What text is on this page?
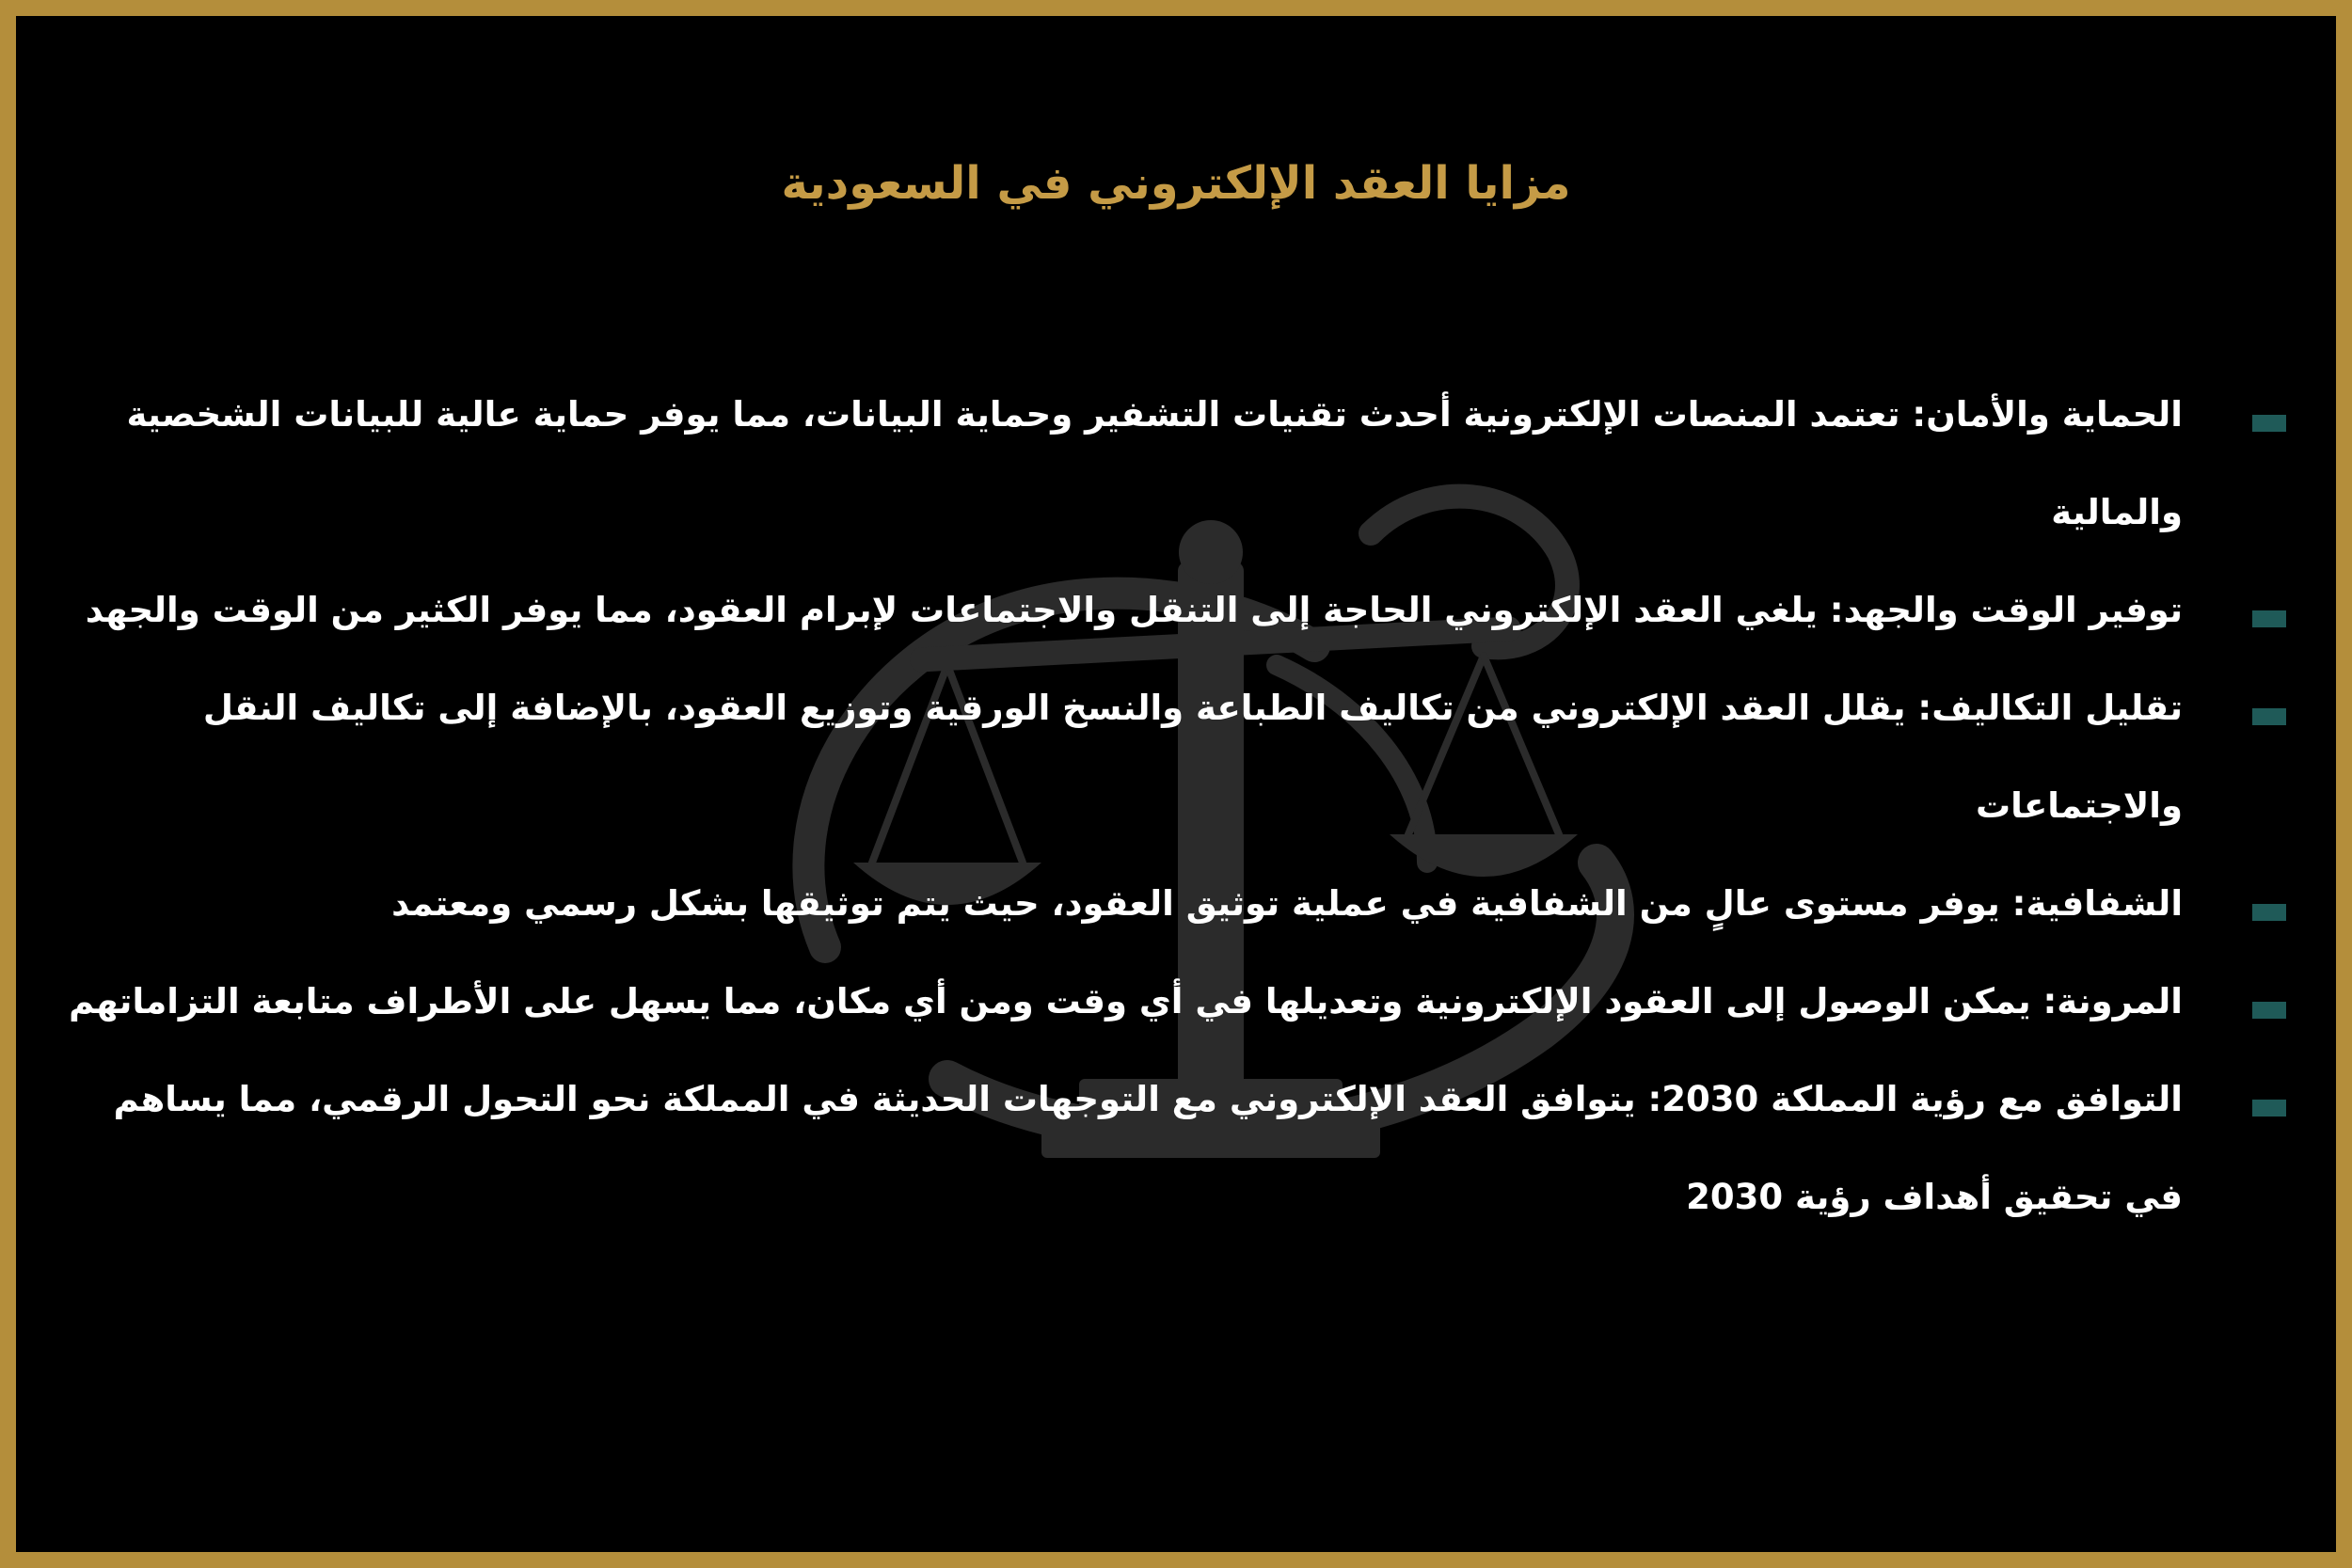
مزايا العقد الإلكتروني في السعودية
الحماية والأمان: تعتمد المنصات الإلكترونية أحدث تقنيات التشفير وحماية البيانات، مما يوفر حماية عالية للبيانات الشخصية والمالية
توفير الوقت والجهد: يلغي العقد الإلكتروني الحاجة إلى التنقل والاجتماعات لإبرام العقود، مما يوفر الكثير من الوقت والجهد
تقليل التكاليف: يقلل العقد الإلكتروني من تكاليف الطباعة والنسخ الورقية وتوزيع العقود، بالإضافة إلى تكاليف النقل والاجتماعات
الشفافية: يوفر مستوى عالٍ من الشفافية في عملية توثيق العقود، حيث يتم توثيقها بشكل رسمي ومعتمد
المرونة: يمكن الوصول إلى العقود الإلكترونية وتعديلها في أي وقت ومن أي مكان، مما يسهل على الأطراف متابعة التزاماتهم
التوافق مع رؤية المملكة 2030: يتوافق العقد الإلكتروني مع التوجهات الحديثة في المملكة نحو التحول الرقمي، مما يساهم في تحقيق أهداف رؤية 2030
